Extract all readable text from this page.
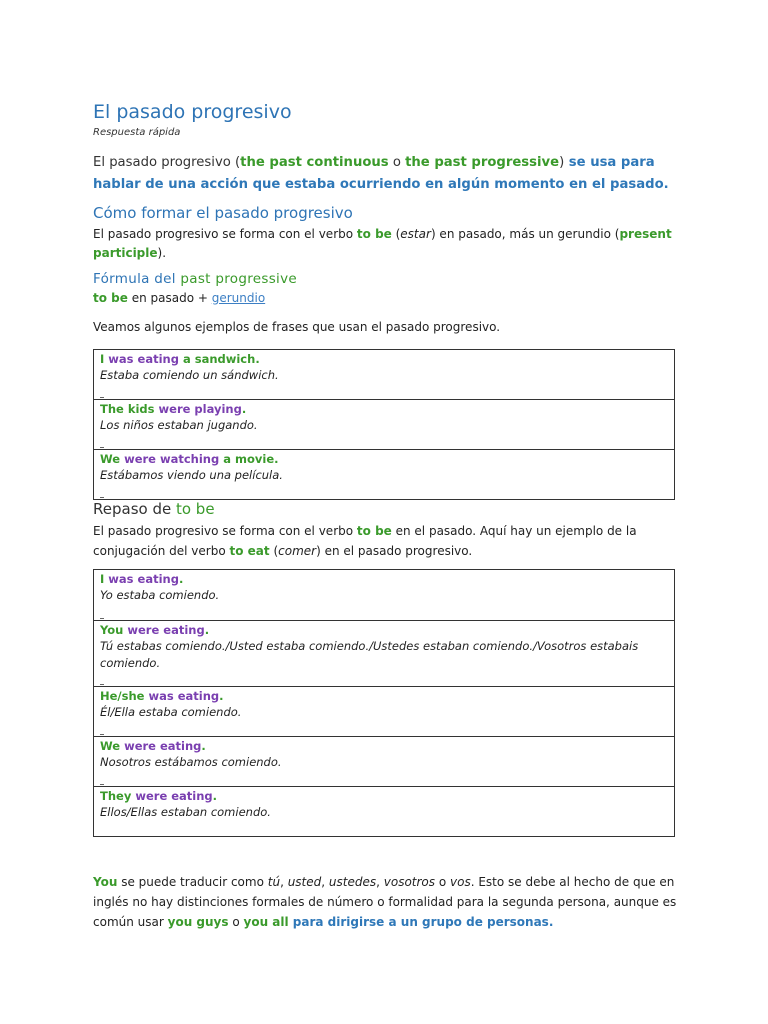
El pasado progresivo
Respuesta rápida
El pasado progresivo (the past continuous o the past progressive) se usa para hablar de una acción que estaba ocurriendo en algún momento en el pasado.
Cómo formar el pasado progresivo
El pasado progresivo se forma con el verbo to be (estar) en pasado, más un gerundio (present participle).
Fórmula del past progressive
to be en pasado + gerundio
Veamos algunos ejemplos de frases que usan el pasado progresivo.
I was eating a sandwich.
Estaba comiendo un sándwich.
The kids were playing.
Los niños estaban jugando.
We were watching a movie.
Estábamos viendo una película.
Repaso de to be
El pasado progresivo se forma con el verbo to be en el pasado. Aquí hay un ejemplo de la conjugación del verbo to eat (comer) en el pasado progresivo.
I was eating.
Yo estaba comiendo.
You were eating.
Tú estabas comiendo./Usted estaba comiendo./Ustedes estaban comiendo./Vosotros estabais comiendo.
He/she was eating.
Él/Ella estaba comiendo.
We were eating.
Nosotros estábamos comiendo.
They were eating.
Ellos/Ellas estaban comiendo.
You se puede traducir como tú, usted, ustedes, vosotros o vos. Esto se debe al hecho de que en inglés no hay distinciones formales de número o formalidad para la segunda persona, aunque es común usar you guys o you all para dirigirse a un grupo de personas.
